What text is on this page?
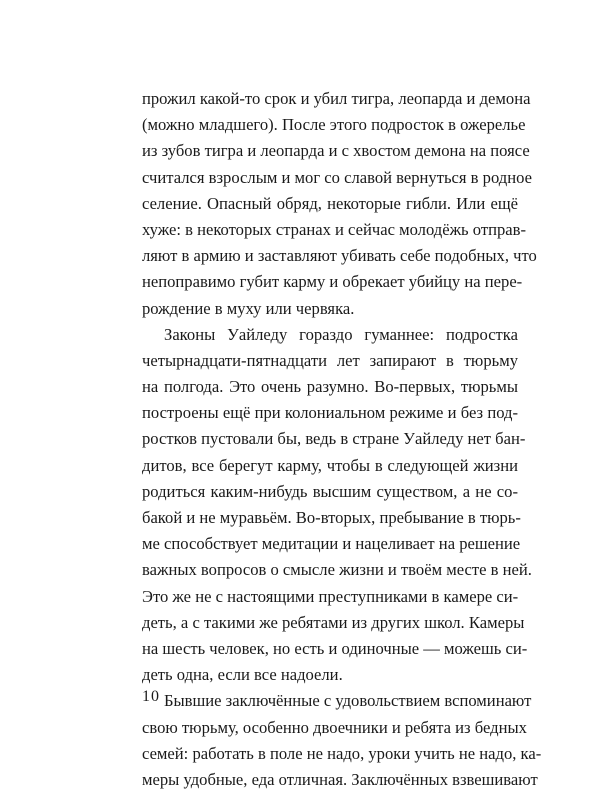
прожил какой-то срок и убил тигра, леопарда и демона
(можно младшего). После этого подросток в ожерелье
из зубов тигра и леопарда и с хвостом демона на поясе
считался взрослым и мог со славой вернуться в родное
селение. Опасный обряд, некоторые гибли. Или ещё
хуже: в некоторых странах и сейчас молодёжь отправ-
ляют в армию и заставляют убивать себе подобных, что
непоправимо губит карму и обрекает убийцу на пере-
рождение в муху или червяка.
Законы Уайледу гораздо гуманнее: подростка
четырнадцати-пятнадцати лет запирают в тюрьму
на полгода. Это очень разумно. Во-первых, тюрьмы
построены ещё при колониальном режиме и без под-
ростков пустовали бы, ведь в стране Уайледу нет бан-
дитов, все берегут карму, чтобы в следующей жизни
родиться каким-нибудь высшим существом, а не со-
бакой и не муравьём. Во-вторых, пребывание в тюрь-
ме способствует медитации и нацеливает на решение
важных вопросов о смысле жизни и твоём месте в ней.
Это же не с настоящими преступниками в камере си-
деть, а с такими же ребятами из других школ. Камеры
на шесть человек, но есть и одиночные — можешь си-
деть одна, если все надоели.
Бывшие заключённые с удовольствием вспоминают
свою тюрьму, особенно двоечники и ребята из бедных
семей: работать в поле не надо, уроки учить не надо, ка-
меры удобные, еда отличная. Заключённых взвешивают
10
